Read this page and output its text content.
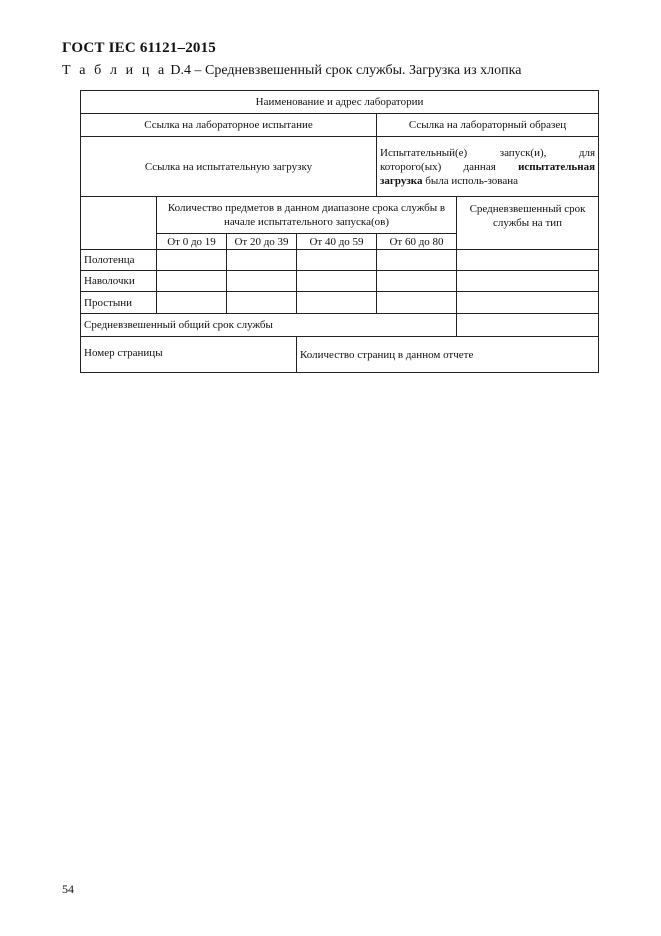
ГОСТ IEC 61121–2015
Т а б л и ц а D.4 – Средневзвешенный срок службы. Загрузка из хлопка
Наименование и адрес лаборатории					
Ссылка на лабораторное испытание				Ссылка на лабораторный образец	
Ссылка на испытательную загрузку				Испытательный(е) запуск(и), для которого(ых) данная испытательная загрузка была исполь-зована	
	Количество предметов в данном диапазоне срока службы в начале испытательного запуска(ов)				Средневзвешенный срок службы на тип
	От 0 до 19	От 20 до 39	От 40 до 59	От 60 до 80	
Полотенца					
Наволочки					
Простыни					
Средневзвешенный общий срок службы					
Номер страницы			Количество страниц в данном отчете		
54
